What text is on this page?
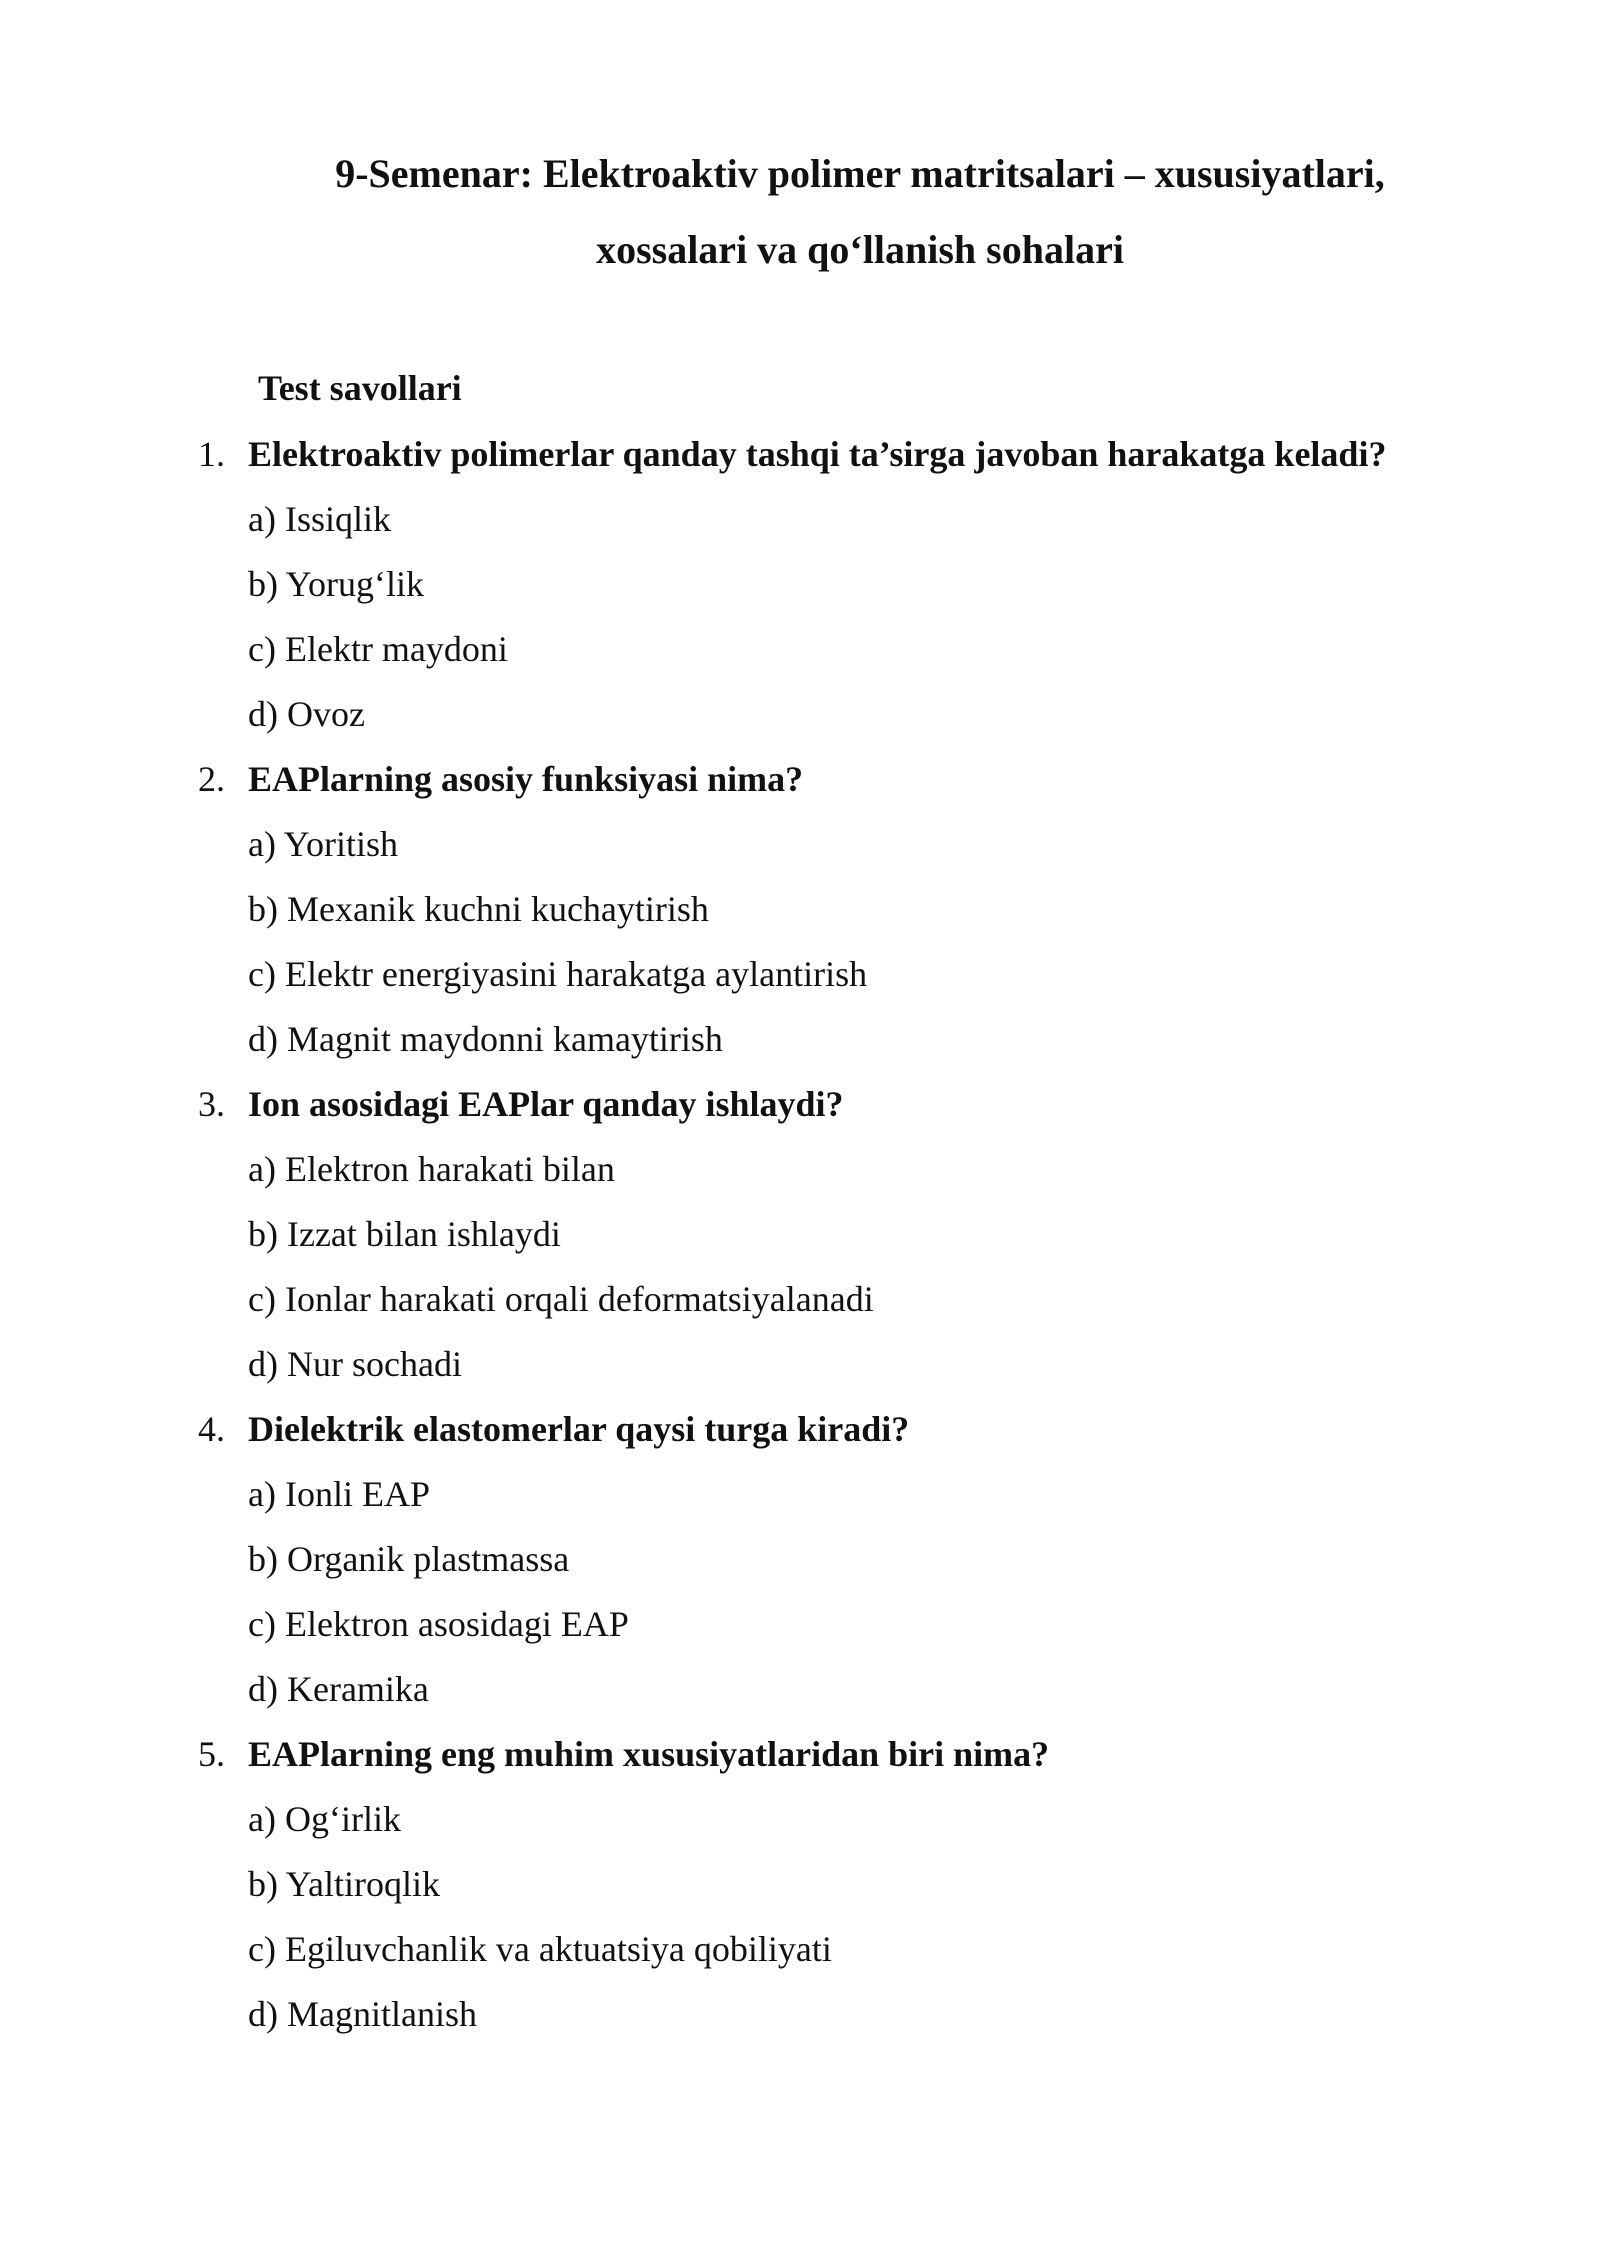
9-Semenar: Elektroaktiv polimer matritsalari – xususiyatlari,
xossalari va qo‘llanish sohalari
Test savollari
1. Elektroaktiv polimerlar qanday tashqi ta’sirga javoban harakatga keladi?
a) Issiqlik
b) Yorug‘lik
c) Elektr maydoni
d) Ovoz
2. EAPlarning asosiy funksiyasi nima?
a) Yoritish
b) Mexanik kuchni kuchaytirish
c) Elektr energiyasini harakatga aylantirish
d) Magnit maydonni kamaytirish
3. Ion asosidagi EAPlar qanday ishlaydi?
a) Elektron harakati bilan
b) Izzat bilan ishlaydi
c) Ionlar harakati orqali deformatsiyalanadi
d) Nur sochadi
4. Dielektrik elastomerlar qaysi turga kiradi?
a) Ionli EAP
b) Organik plastmassa
c) Elektron asosidagi EAP
d) Keramika
5. EAPlarning eng muhim xususiyatlaridan biri nima?
a) Og‘irlik
b) Yaltiroqlik
c) Egiluvchanlik va aktuatsiya qobiliyati
d) Magnitlanish
